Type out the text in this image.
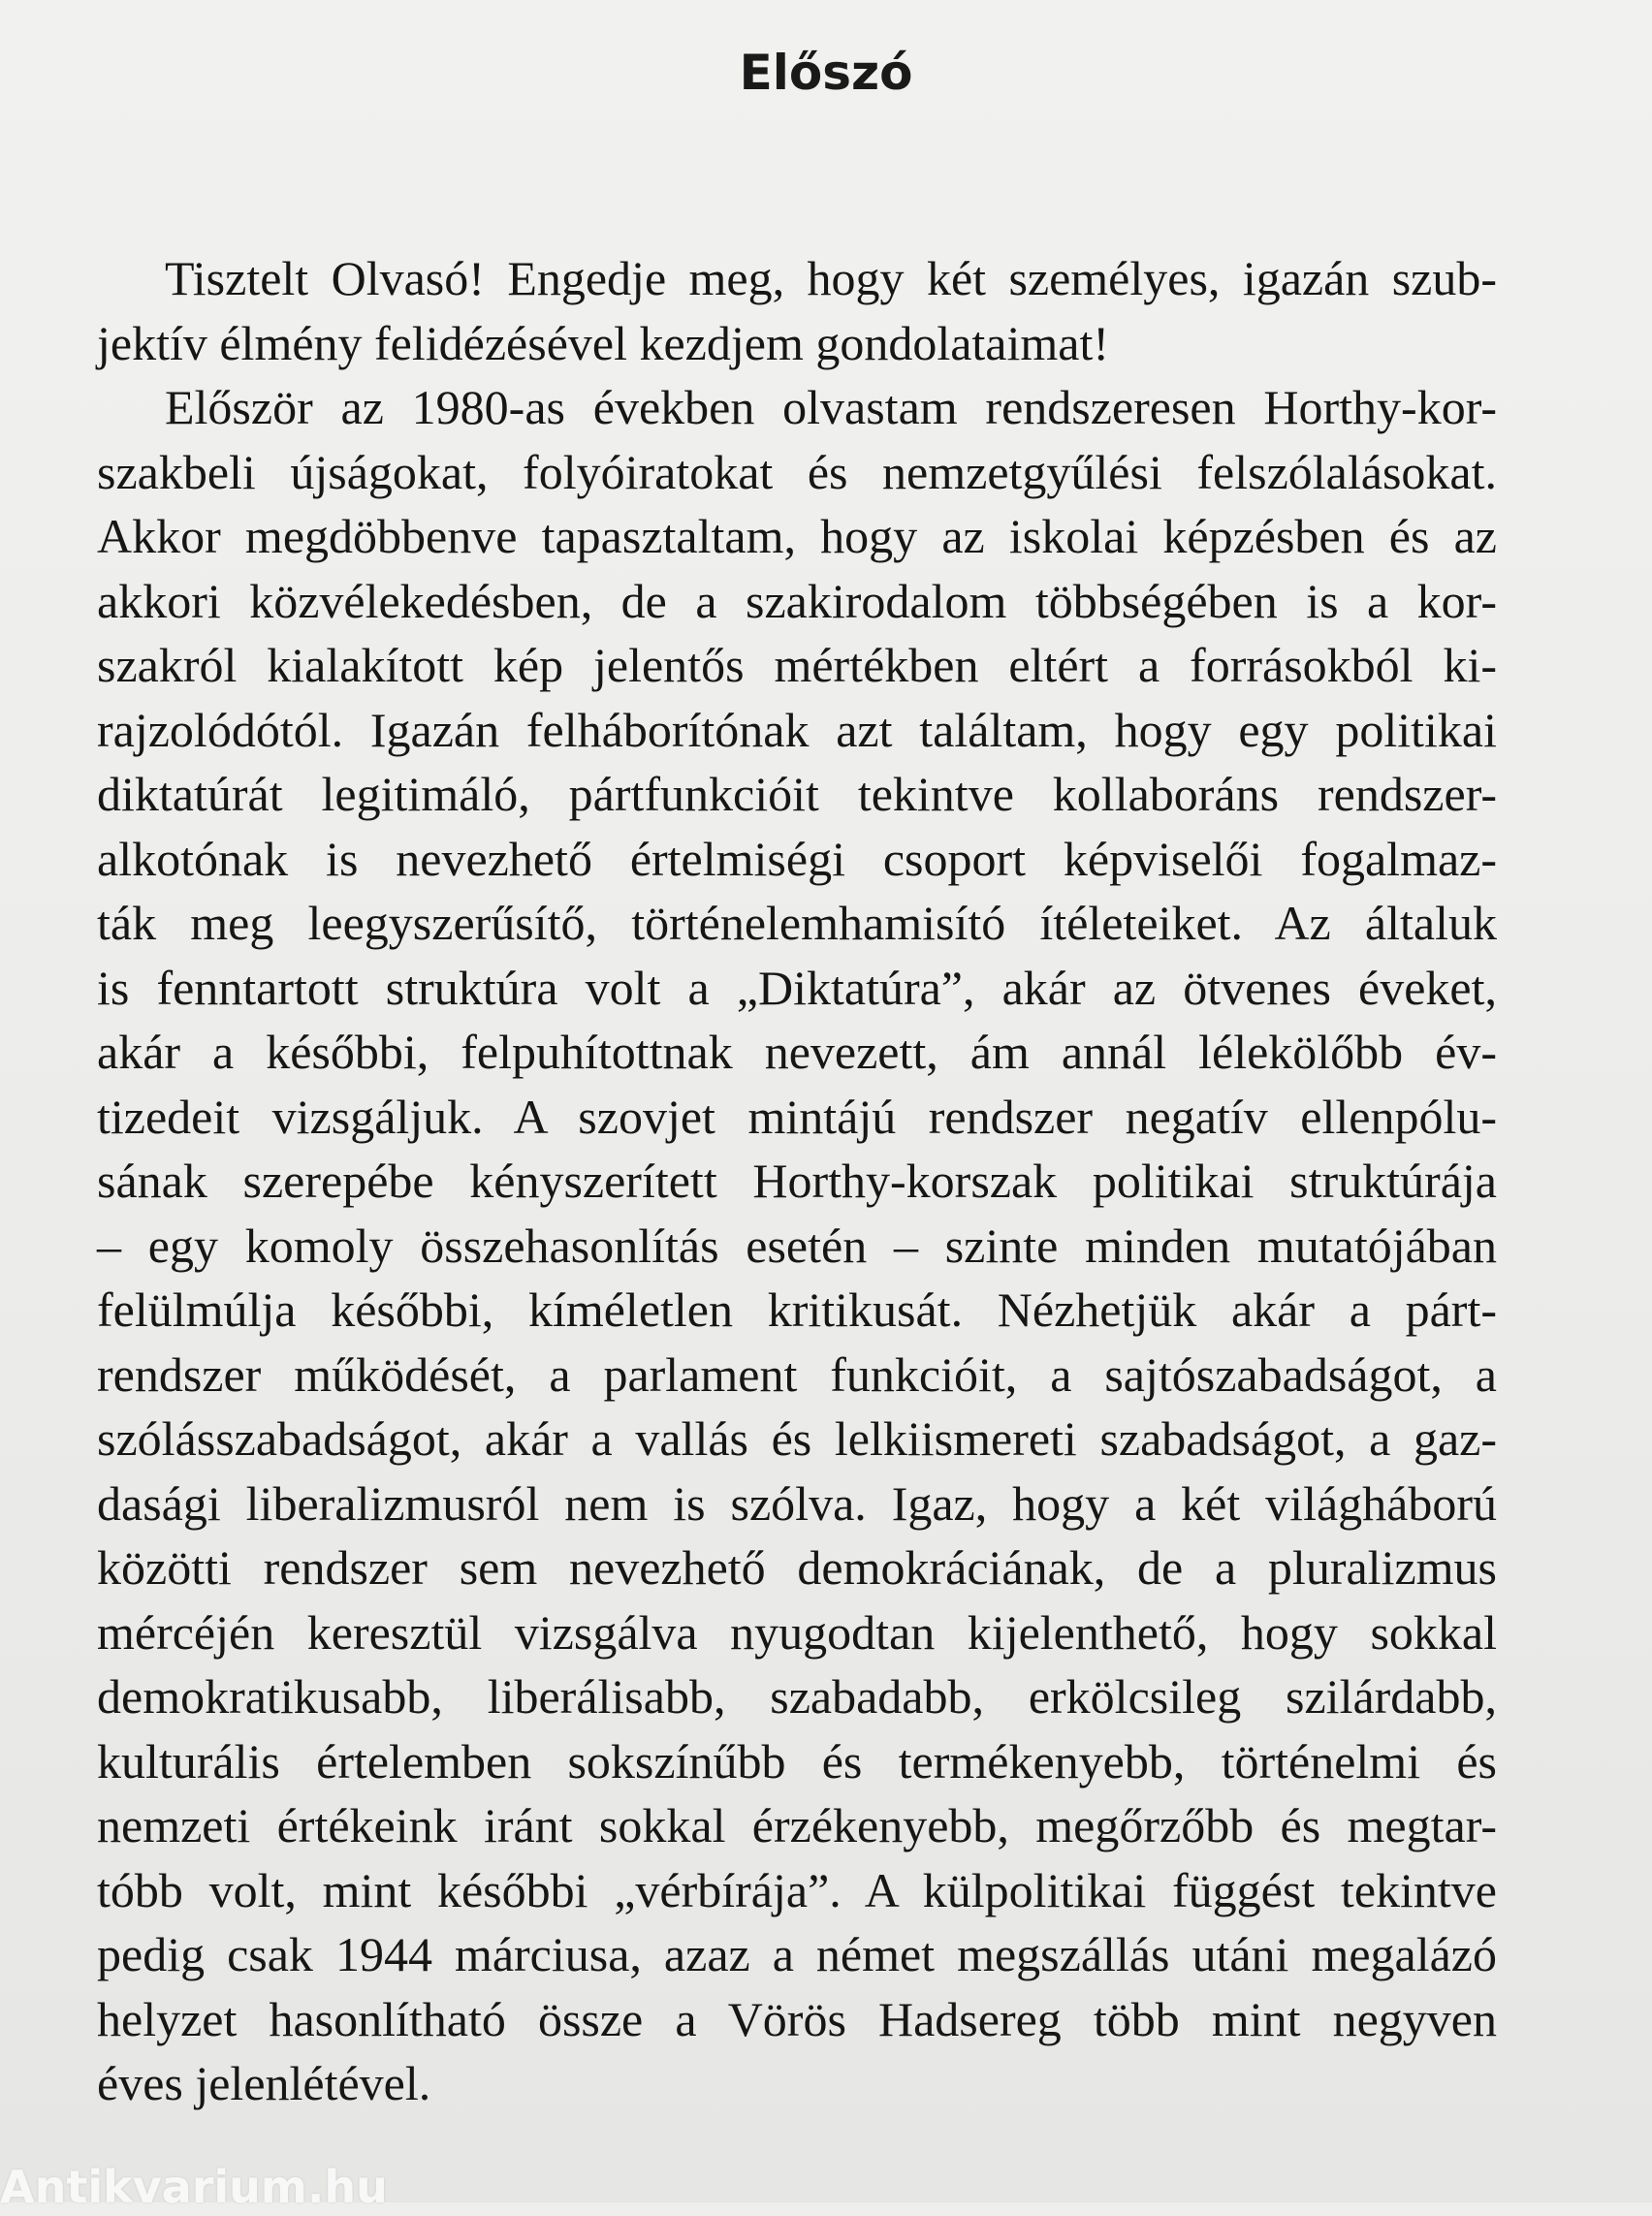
Előszó
Tisztelt Olvasó! Engedje meg, hogy két személyes, igazán szub-
jektív élmény felidézésével kezdjem gondolataimat!
Először az 1980-as években olvastam rendszeresen Horthy-kor-
szakbeli újságokat, folyóiratokat és nemzetgyűlési felszólalásokat.
Akkor megdöbbenve tapasztaltam, hogy az iskolai képzésben és az
akkori közvélekedésben, de a szakirodalom többségében is a kor-
szakról kialakított kép jelentős mértékben eltért a forrásokból ki-
rajzolódótól. Igazán felháborítónak azt találtam, hogy egy politikai
diktatúrát legitimáló, pártfunkcióit tekintve kollaboráns rendszer-
alkotónak is nevezhető értelmiségi csoport képviselői fogalmaz-
ták meg leegyszerűsítő, történelemhamisító ítéleteiket. Az általuk
is fenntartott struktúra volt a „Diktatúra”, akár az ötvenes éveket,
akár a későbbi, felpuhítottnak nevezett, ám annál lélekölőbb év-
tizedeit vizsgáljuk. A szovjet mintájú rendszer negatív ellenpólu-
sának szerepébe kényszerített Horthy-korszak politikai struktúrája
– egy komoly összehasonlítás esetén – szinte minden mutatójában
felülmúlja későbbi, kíméletlen kritikusát. Nézhetjük akár a párt-
rendszer működését, a parlament funkcióit, a sajtószabadságot, a
szólásszabadságot, akár a vallás és lelkiismereti szabadságot, a gaz-
dasági liberalizmusról nem is szólva. Igaz, hogy a két világháború
közötti rendszer sem nevezhető demokráciának, de a pluralizmus
mércéjén keresztül vizsgálva nyugodtan kijelenthető, hogy sokkal
demokratikusabb, liberálisabb, szabadabb, erkölcsileg szilárdabb,
kulturális értelemben sokszínűbb és termékenyebb, történelmi és
nemzeti értékeink iránt sokkal érzékenyebb, megőrzőbb és megtar-
tóbb volt, mint későbbi „vérbírája”. A külpolitikai függést tekintve
pedig csak 1944 márciusa, azaz a német megszállás utáni megalázó
helyzet hasonlítható össze a Vörös Hadsereg több mint negyven
éves jelenlétével.
Antikvarium.hu
